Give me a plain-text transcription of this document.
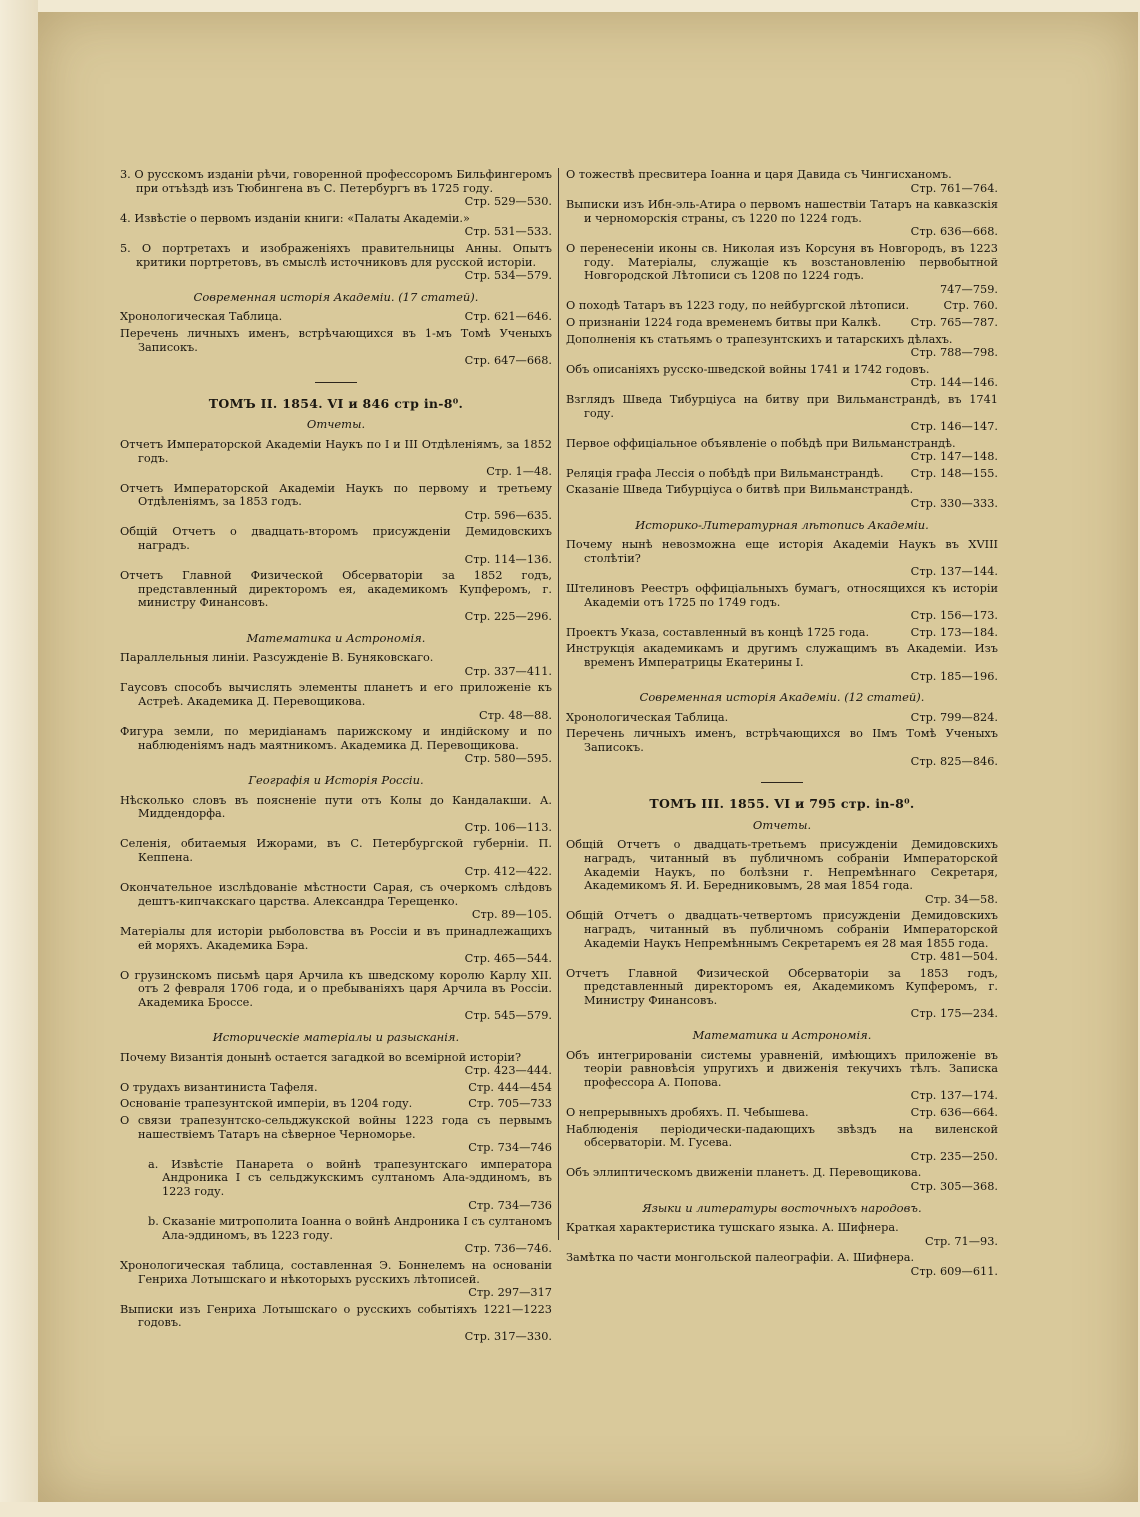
3. О русскомъ изданіи рѣчи, говоренной профессоромъ Бильфингеромъ при отъѣздѣ изъ Тюбингена въ С. Петербургъ въ 1725 году.
Стр. 529—530.
4. Извѣстіе о первомъ изданіи книги: «Палаты Академіи.»
Стр. 531—533.
5. О портретахъ и изображеніяхъ правительницы Анны. Опытъ критики портретовъ, въ смыслѣ источниковъ для русской исторіи.
Стр. 534—579.
Современная исторія Академіи. (17 статей).
Хронологическая Таблица.	Стр. 621—646.
Перечень личныхъ именъ, встрѣчающихся въ 1-мъ Томѣ Ученыхъ Записокъ.
Стр. 647—668.
ТОМЪ II. 1854. VI и 846 стр in-8⁰.
Отчеты.
Отчетъ Императорской Академіи Наукъ по I и III Отдѣленіямъ, за 1852 годъ.
Стр. 1—48.
Отчетъ Императорской Академіи Наукъ по первому и третьему Отдѣленіямъ, за 1853 годъ.
Стр. 596—635.
Общій Отчетъ о двадцать-второмъ присужденіи Демидовскихъ наградъ.
Стр. 114—136.
Отчетъ Главной Физической Обсерваторіи за 1852 годъ, представленный директоромъ ея, академикомъ Купферомъ, г. министру Финансовъ.
Стр. 225—296.
Математика и Астрономія.
Параллельныя линіи. Разсужденіе В. Буняковскаго.
Стр. 337—411.
Гаусовъ способъ вычислять элементы планетъ и его приложеніе къ Астреѣ. Академика Д. Перевощикова.
Стр. 48—88.
Фигура земли, по меридіанамъ парижскому и индійскому и по наблюденіямъ надъ маятникомъ. Академика Д. Перевощикова.
Стр. 580—595.
Географія и Исторія Россіи.
Нѣсколько словъ въ поясненіе пути отъ Колы до Кандалакши. А. Миддендорфа.
Стр. 106—113.
Селенія, обитаемыя Ижорами, въ С. Петербургской губерніи. П. Кеппена.
Стр. 412—422.
Окончательное изслѣдованіе мѣстности Сарая, съ очеркомъ слѣдовъ дештъ-кипчакскаго царства. Александра Терещенко.
Стр. 89—105.
Матеріалы для исторіи рыболовства въ Россіи и въ принадлежащихъ ей моряхъ. Академика Бэра.
Стр. 465—544.
О грузинскомъ письмѣ царя Арчила къ шведскому королю Карлу XII. отъ 2 февраля 1706 года, и о пребываніяхъ царя Арчила въ Россіи. Академика Броссе.
Стр. 545—579.
Историческіе матеріалы и разысканія.
Почему Византія донынѣ остается загадкой во всемірной исторіи?
Стр. 423—444.
О трудахъ византиниста Тафеля.	Стр. 444—454
Основаніе трапезунтской имперіи, въ 1204 году.	Стр. 705—733
О связи трапезунтско-сельджукской войны 1223 года съ первымъ нашествіемъ Татаръ на сѣверное Черноморье.
Стр. 734—746
a. Извѣстіе Панарета о войнѣ трапезунтскаго императора Андроника I съ сельджукскимъ султаномъ Ала-эддиномъ, въ 1223 году.
Стр. 734—736
b. Сказаніе митрополита Іоанна о войнѣ Андроника I съ султаномъ Ала-эддиномъ, въ 1223 году.
Стр. 736—746.
Хронологическая таблица, составленная Э. Боннелемъ на основаніи Генриха Лотышскаго и нѣкоторыхъ русскихъ лѣтописей.
Стр. 297—317
Выписки изъ Генриха Лотышскаго о русскихъ событіяхъ 1221—1223 годовъ.
Стр. 317—330.
О тожествѣ пресвитера Іоанна и царя Давида съ Чингисханомъ.
Стр. 761—764.
Выписки изъ Ибн-эль-Атира о первомъ нашествіи Татаръ на кавказскія и черноморскія страны, съ 1220 по 1224 годъ.
Стр. 636—668.
О перенесеніи иконы св. Николая изъ Корсуня въ Новгородъ, въ 1223 году. Матеріалы, служащіе къ возстановленію первобытной Новгородской Лѣтописи съ 1208 по 1224 годъ.
747—759.
О походѣ Татаръ въ 1223 году, по нейбургской лѣтописи.	Стр. 760.
О признаніи 1224 года временемъ битвы при Калкѣ.	Стр. 765—787.
Дополненія къ статьямъ о трапезунтскихъ и татарскихъ дѣлахъ.
Стр. 788—798.
Объ описаніяхъ русско-шведской войны 1741 и 1742 годовъ.
Стр. 144—146.
Взглядъ Шведа Тибурціуса на битву при Вильманстрандѣ, въ 1741 году.
Стр. 146—147.
Первое оффиціальное объявленіе о побѣдѣ при Вильманстрандѣ.
Стр. 147—148.
Реляція графа Лессія о побѣдѣ при Вильманстрандѣ. Стр. 148—155.
Сказаніе Шведа Тибурціуса о битвѣ при Вильманстрандѣ.
Стр. 330—333.
Историко-Литературная лѣтопись Академіи.
Почему нынѣ невозможна еще исторія Академіи Наукъ въ XVIII столѣтіи?
Стр. 137—144.
Штелиновъ Реестръ оффиціальныхъ бумагъ, относящихся къ исторіи Академіи отъ 1725 по 1749 годъ.
Стр. 156—173.
Проектъ Указа, составленный въ концѣ 1725 года.	Стр. 173—184.
Инструкція академикамъ и другимъ служащимъ въ Академіи. Изъ временъ Императрицы Екатерины I.
Стр. 185—196.
Современная исторія Академіи. (12 статей).
Хронологическая Таблица.	Стр. 799—824.
Перечень личныхъ именъ, встрѣчающихся во IIмъ Томѣ Ученыхъ Записокъ.
Стр. 825—846.
ТОМЪ III. 1855. VI и 795 стр. in-8⁰.
Отчеты.
Общій Отчетъ о двадцать-третьемъ присужденіи Демидовскихъ наградъ, читанный въ публичномъ собраніи Императорской Академіи Наукъ, по болѣзни г. Непремѣннаго Секретаря, Академикомъ Я. И. Бередниковымъ, 28 мая 1854 года.
Стр. 34—58.
Общій Отчетъ о двадцать-четвертомъ присужденіи Демидовскихъ наградъ, читанный въ публичномъ собраніи Императорской Академіи Наукъ Непремѣннымъ Секретаремъ ея 28 мая 1855 года.
Стр. 481—504.
Отчетъ Главной Физической Обсерваторіи за 1853 годъ, представленный директоромъ ея, Академикомъ Купферомъ, г. Министру Финансовъ.
Стр. 175—234.
Математика и Астрономія.
Объ интегрированіи системы уравненій, имѣющихъ приложеніе въ теоріи равновѣсія упругихъ и движенія текучихъ тѣлъ. Записка профессора А. Попова.
Стр. 137—174.
О непрерывныхъ дробяхъ. П. Чебышева.	Стр. 636—664.
Наблюденія періодически-падающихъ звѣздъ на виленской обсерваторіи. М. Гусева.
Стр. 235—250.
Объ эллиптическомъ движеніи планетъ. Д. Перевощикова.
Стр. 305—368.
Языки и литературы восточныхъ народовъ.
Краткая характеристика тушскаго языка. А. Шифнера.
Стр. 71—93.
Замѣтка по части монгольской палеографіи. А. Шифнера.
Стр. 609—611.
